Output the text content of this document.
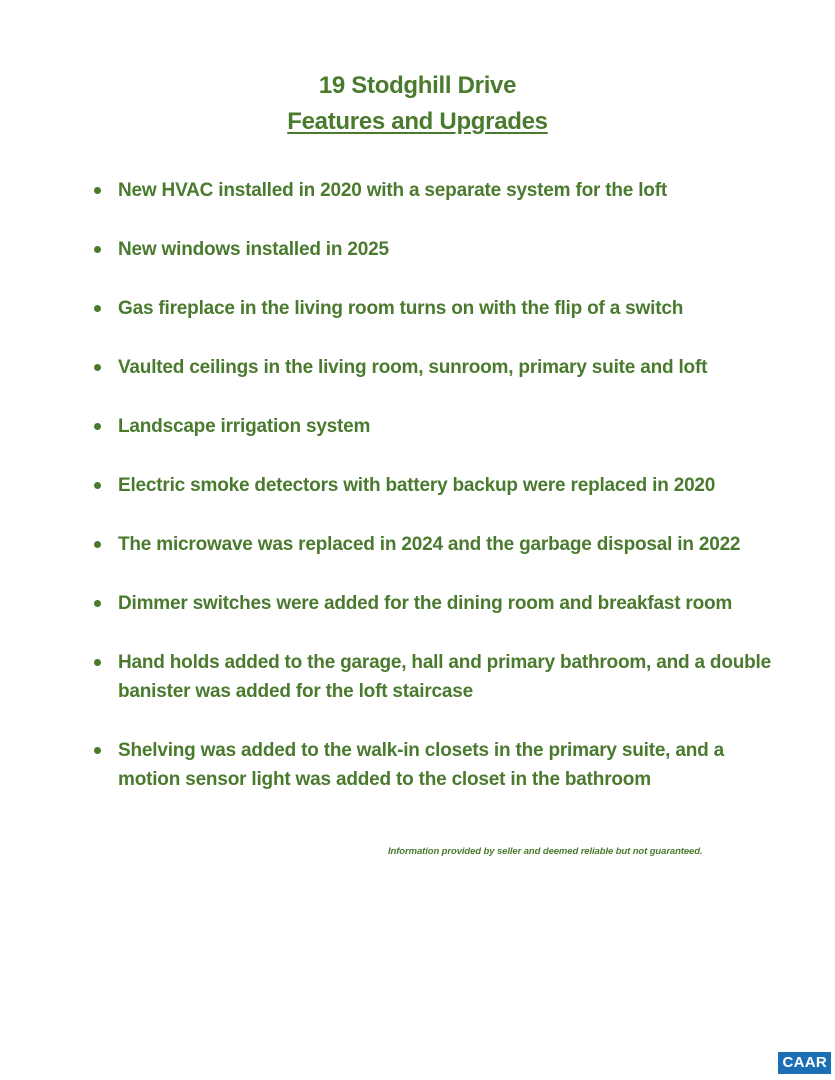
19 Stodghill Drive
Features and Upgrades
New HVAC installed in 2020 with a separate system for the loft
New windows installed in 2025
Gas fireplace in the living room turns on with the flip of a switch
Vaulted ceilings in the living room, sunroom, primary suite and loft
Landscape irrigation system
Electric smoke detectors with battery backup were replaced in 2020
The microwave was replaced in 2024 and the garbage disposal in 2022
Dimmer switches were added for the dining room and breakfast room
Hand holds added to the garage, hall and primary bathroom, and a double banister was added for the loft staircase
Shelving was added to the walk-in closets in the primary suite, and a motion sensor light was added to the closet in the bathroom
Information provided by seller and deemed reliable but not guaranteed.
CAAR
